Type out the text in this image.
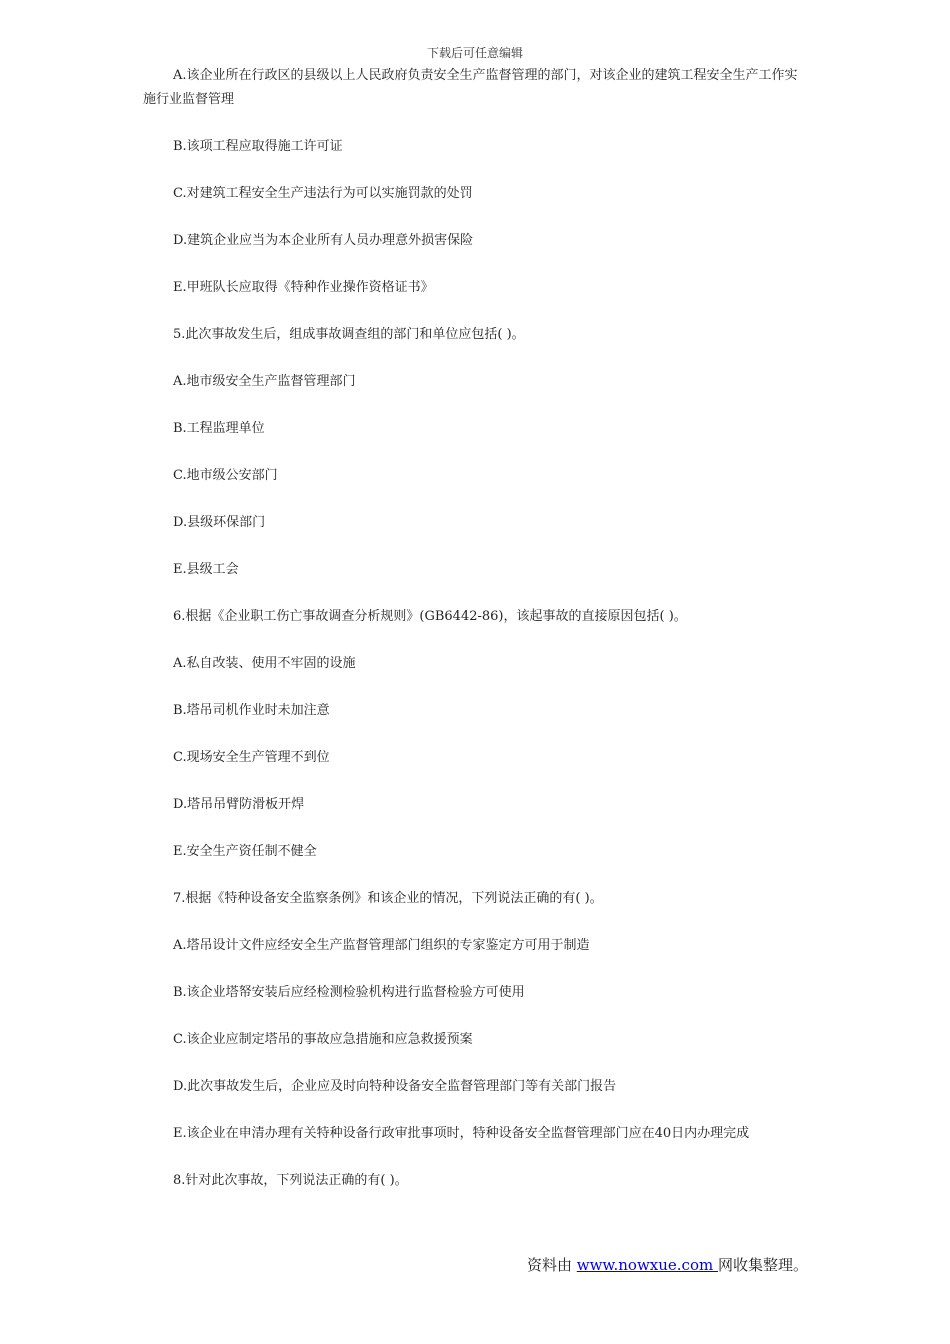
下载后可任意编辑

A.该企业所在行政区的县级以上人民政府负责安全生产监督管理的部门，对该企业的建筑工程安全生产工作实施行业监督管理

B.该项工程应取得施工许可证

C.对建筑工程安全生产违法行为可以实施罚款的处罚

D.建筑企业应当为本企业所有人员办理意外损害保险

E.甲班队长应取得《特种作业操作资格证书》

5.此次事故发生后，组成事故调查组的部门和单位应包括( )。

A.地市级安全生产监督管理部门

B.工程监理单位

C.地市级公安部门

D.县级环保部门

E.县级工会

6.根据《企业职工伤亡事故调查分析规则》(GB6442-86)，该起事故的直接原因包括( )。

A.私自改装、使用不牢固的设施

B.塔吊司机作业时未加注意

C.现场安全生产管理不到位

D.塔吊吊臂防滑板开焊

E.安全生产资任制不健全

7.根据《特种设备安全监察条例》和该企业的情况，下列说法正确的有( )。

A.塔吊设计文件应经安全生产监督管理部门组织的专家鉴定方可用于制造

B.该企业塔帑安装后应经检测检验机构进行监督检验方可使用

C.该企业应制定塔吊的事故应急措施和应急救援预案

D.此次事故发生后，企业应及时向特种设备安全监督管理部门等有关部门报告

E.该企业在申清办理有关特种设备行政审批事项时，特种设备安全监督管理部门应在40日内办理完成

8.针对此次事故，下列说法正确的有( )。

资料由 www.nowxue.com 网收集整理。
